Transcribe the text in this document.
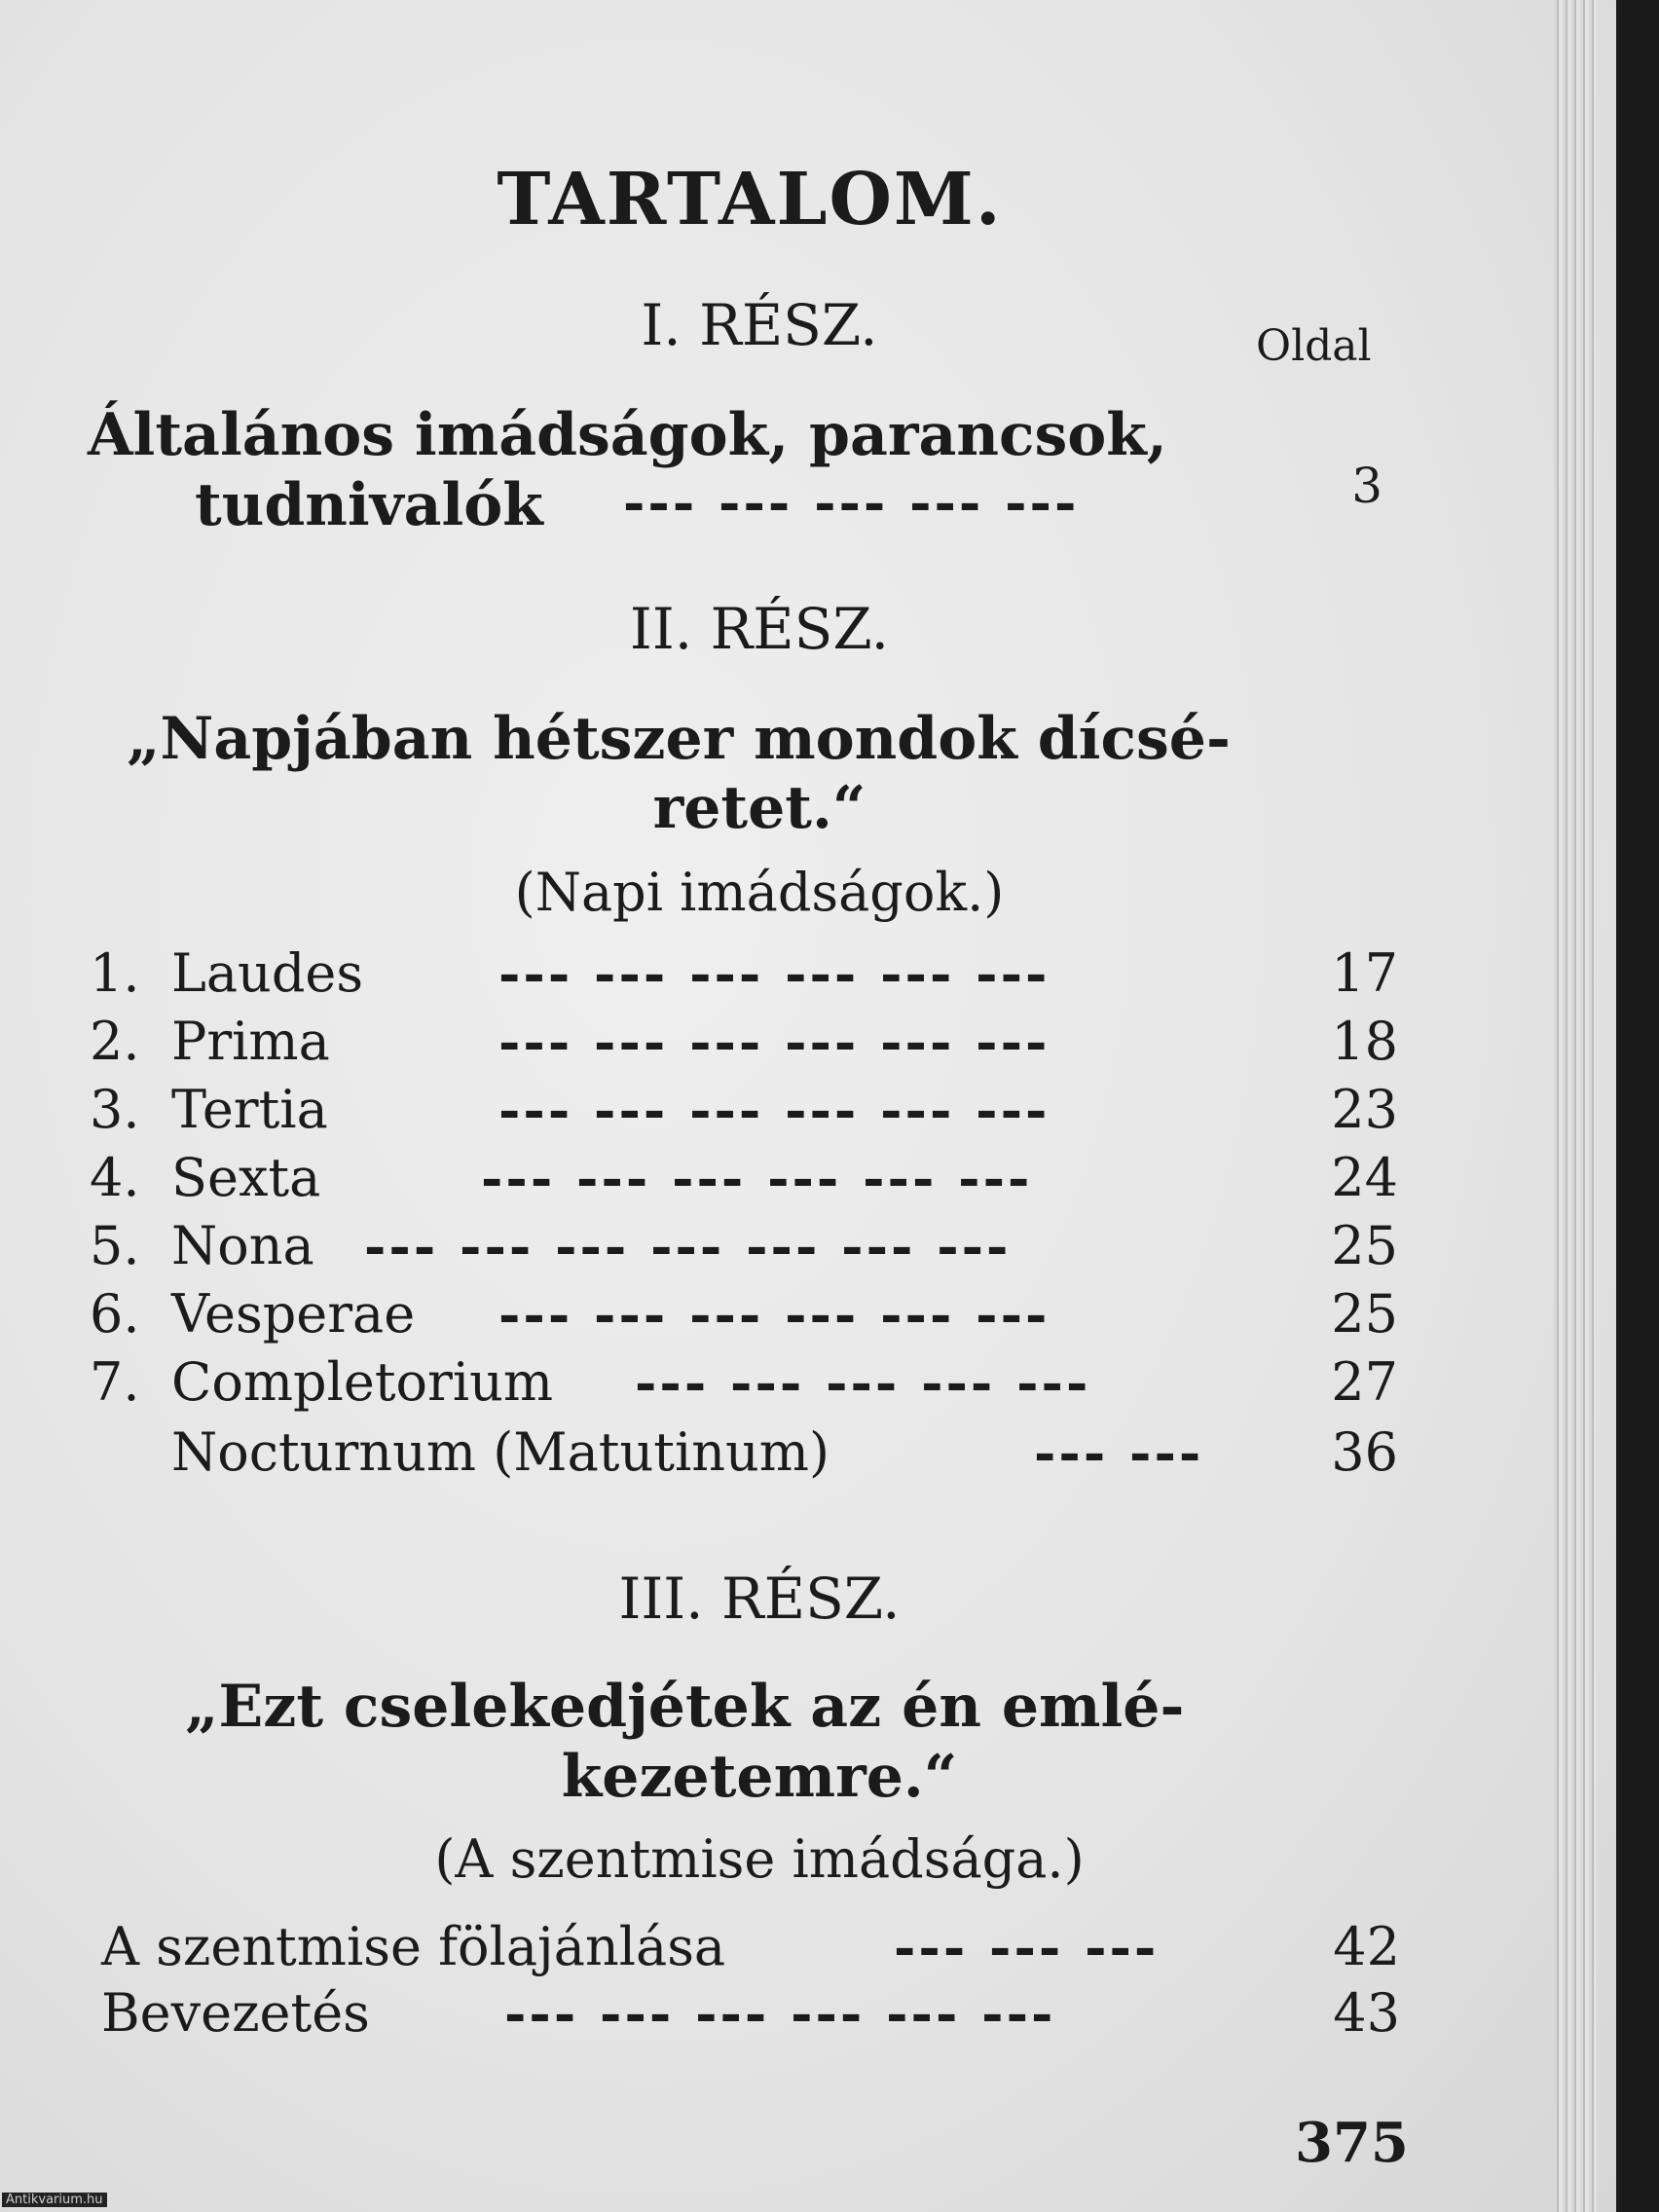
TARTALOM.
I. RÉSZ.	Oldal
Általános imádságok, parancsok,
tudnivalók --- --- --- --- ---	3
II. RÉSZ.
„Napjában hétszer mondok dícsé-
retet.“
(Napi imádságok.)
1. Laudes	--- --- --- --- --- ---	17
2. Prima	--- --- --- --- --- ---	18
3. Tertia	--- --- --- --- --- ---	23
4. Sexta	--- --- --- --- --- ---	24
5. Nona --- --- --- --- --- --- ---	25
6. Vesperae --- --- --- --- --- ---	25
7. Completorium --- --- --- --- ---	27
Nocturnum (Matutinum)	--- ---	36
III. RÉSZ.
„Ezt cselekedjétek az én emlé-
kezetemre.“
(A szentmise imádsága.)
A szentmise fölajánlása	--- --- ---	42
Bevezetés	--- --- --- --- --- ---	43
375
Antikvarium.hu
